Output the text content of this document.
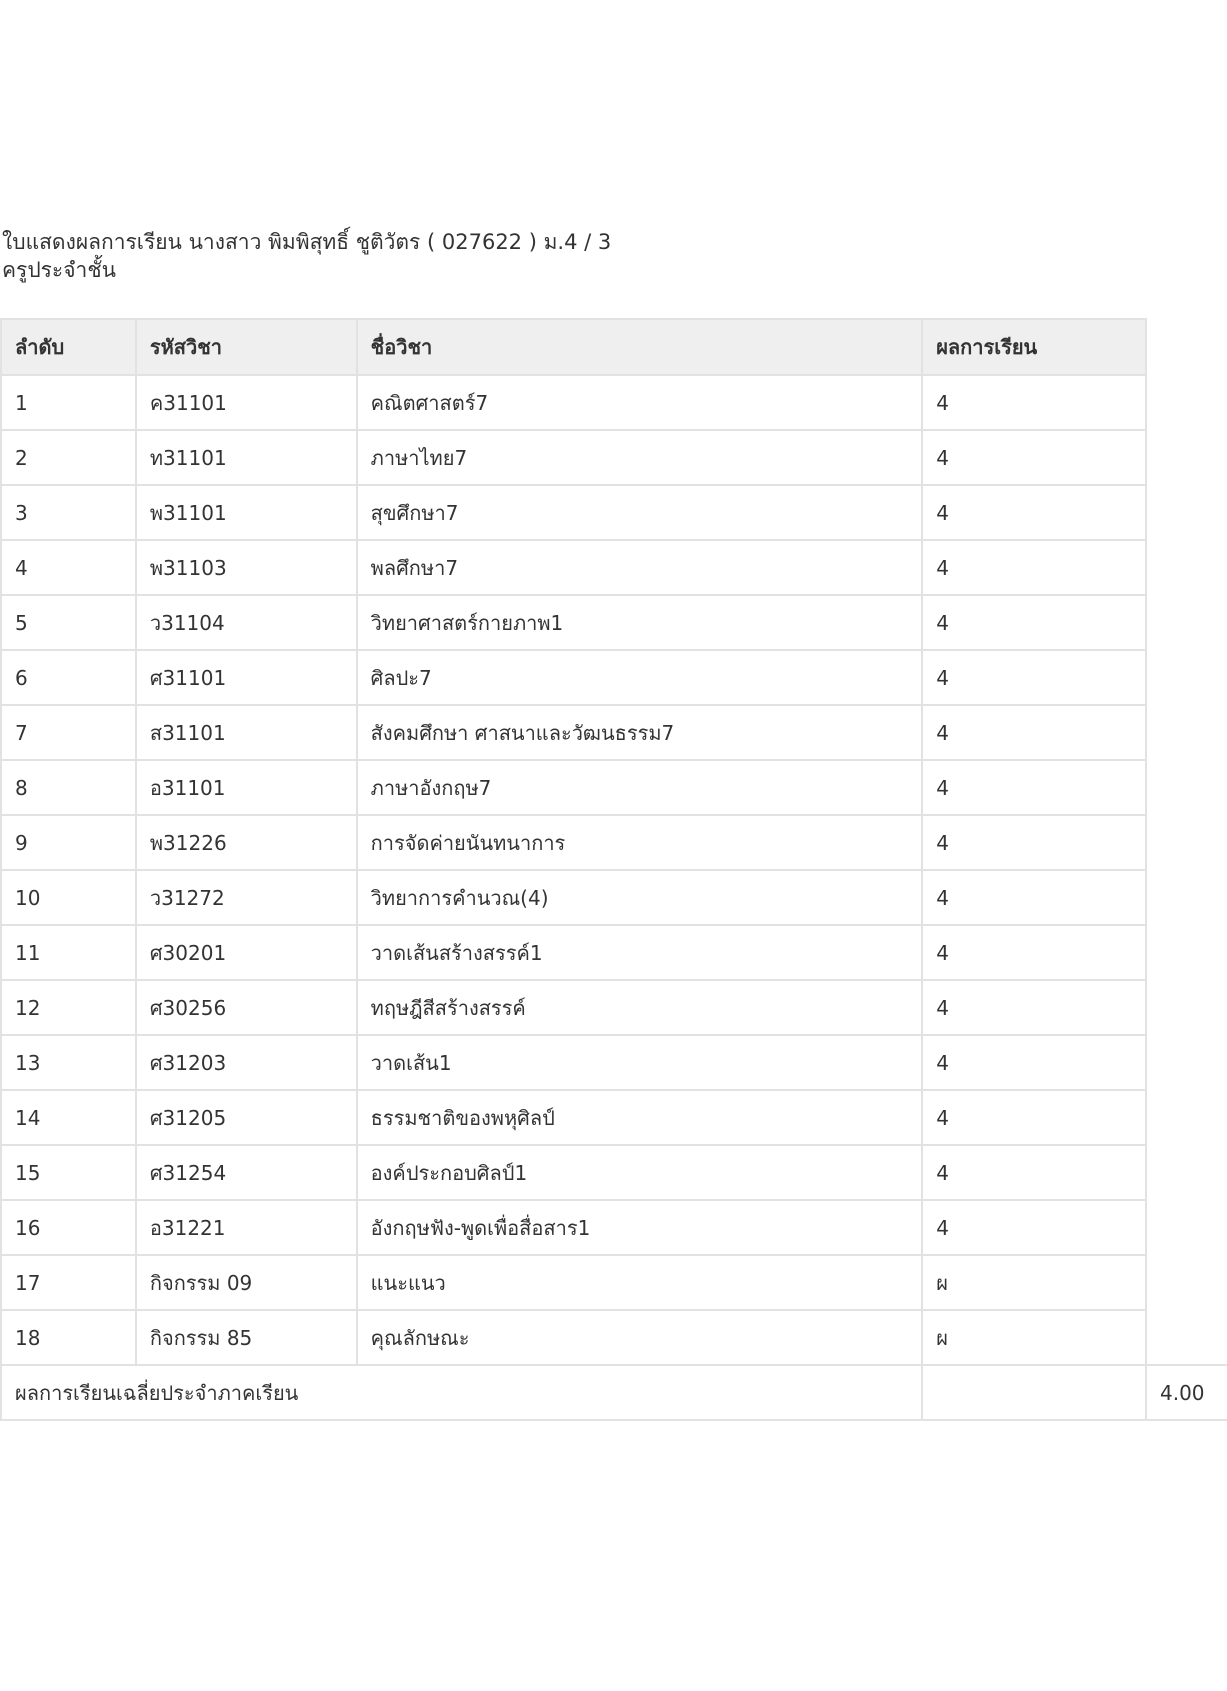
ใบแสดงผลการเรียน นางสาว พิมพิสุทธิ์ ชูติวัตร ( 027622 ) ม.4 / 3
ครูประจำชั้น
ลำดับ	รหัสวิชา	ชื่อวิชา	ผลการเรียน	
1	ค31101	คณิตศาสตร์7	4	
2	ท31101	ภาษาไทย7	4	
3	พ31101	สุขศึกษา7	4	
4	พ31103	พลศึกษา7	4	
5	ว31104	วิทยาศาสตร์กายภาพ1	4	
6	ศ31101	ศิลปะ7	4	
7	ส31101	สังคมศึกษา ศาสนาและวัฒนธรรม7	4	
8	อ31101	ภาษาอังกฤษ7	4	
9	พ31226	การจัดค่ายนันทนาการ	4	
10	ว31272	วิทยาการคำนวณ(4)	4	
11	ศ30201	วาดเส้นสร้างสรรค์1	4	
12	ศ30256	ทฤษฎีสีสร้างสรรค์	4	
13	ศ31203	วาดเส้น1	4	
14	ศ31205	ธรรมชาติของพหุศิลป์	4	
15	ศ31254	องค์ประกอบศิลป์1	4	
16	อ31221	อังกฤษฟัง-พูดเพื่อสื่อสาร1	4	
17	กิจกรรม 09	แนะแนว	ผ	
18	กิจกรรม 85	คุณลักษณะ	ผ	
ผลการเรียนเฉลี่ยประจำภาคเรียน				4.00
